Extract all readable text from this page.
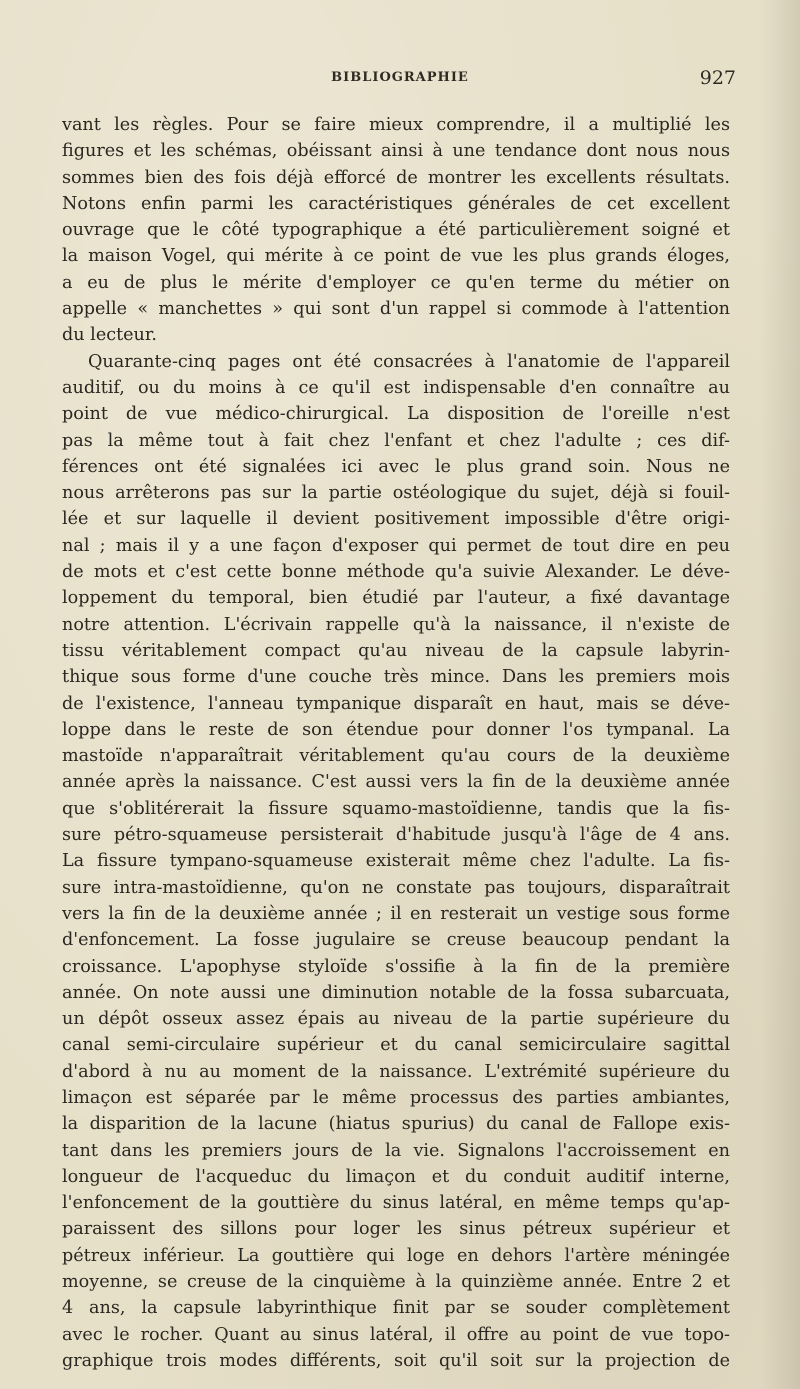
BIBLIOGRAPHIE	927
vant les règles. Pour se faire mieux comprendre, il a multiplié les
figures et les schémas, obéissant ainsi à une tendance dont nous nous
sommes bien des fois déjà efforcé de montrer les excellents résultats.
Notons enfin parmi les caractéristiques générales de cet excellent
ouvrage que le côté typographique a été particulièrement soigné et
la maison Vogel, qui mérite à ce point de vue les plus grands éloges,
a eu de plus le mérite d'employer ce qu'en terme du métier on
appelle « manchettes » qui sont d'un rappel si commode à l'attention
du lecteur.
Quarante-cinq pages ont été consacrées à l'anatomie de l'appareil
auditif, ou du moins à ce qu'il est indispensable d'en connaître au
point de vue médico-chirurgical. La disposition de l'oreille n'est
pas la même tout à fait chez l'enfant et chez l'adulte ; ces dif-
férences ont été signalées ici avec le plus grand soin. Nous ne
nous arrêterons pas sur la partie ostéologique du sujet, déjà si fouil-
lée et sur laquelle il devient positivement impossible d'être origi-
nal ; mais il y a une façon d'exposer qui permet de tout dire en peu
de mots et c'est cette bonne méthode qu'a suivie Alexander. Le déve-
loppement du temporal, bien étudié par l'auteur, a fixé davantage
notre attention. L'écrivain rappelle qu'à la naissance, il n'existe de
tissu véritablement compact qu'au niveau de la capsule labyrin-
thique sous forme d'une couche très mince. Dans les premiers mois
de l'existence, l'anneau tympanique disparaît en haut, mais se déve-
loppe dans le reste de son étendue pour donner l'os tympanal. La
mastoïde n'apparaîtrait véritablement qu'au cours de la deuxième
année après la naissance. C'est aussi vers la fin de la deuxième année
que s'oblitérerait la fissure squamo-mastoïdienne, tandis que la fis-
sure pétro-squameuse persisterait d'habitude jusqu'à l'âge de 4 ans.
La fissure tympano-squameuse existerait même chez l'adulte. La fis-
sure intra-mastoïdienne, qu'on ne constate pas toujours, disparaîtrait
vers la fin de la deuxième année ; il en resterait un vestige sous forme
d'enfoncement. La fosse jugulaire se creuse beaucoup pendant la
croissance. L'apophyse styloïde s'ossifie à la fin de la première
année. On note aussi une diminution notable de la fossa subarcuata,
un dépôt osseux assez épais au niveau de la partie supérieure du
canal semi-circulaire supérieur et du canal semicirculaire sagittal
d'abord à nu au moment de la naissance. L'extrémité supérieure du
limaçon est séparée par le même processus des parties ambiantes,
la disparition de la lacune (hiatus spurius) du canal de Fallope exis-
tant dans les premiers jours de la vie. Signalons l'accroissement en
longueur de l'acqueduc du limaçon et du conduit auditif interne,
l'enfoncement de la gouttière du sinus latéral, en même temps qu'ap-
paraissent des sillons pour loger les sinus pétreux supérieur et
pétreux inférieur. La gouttière qui loge en dehors l'artère méningée
moyenne, se creuse de la cinquième à la quinzième année. Entre 2 et
4 ans, la capsule labyrinthique finit par se souder complètement
avec le rocher. Quant au sinus latéral, il offre au point de vue topo-
graphique trois modes différents, soit qu'il soit sur la projection de
